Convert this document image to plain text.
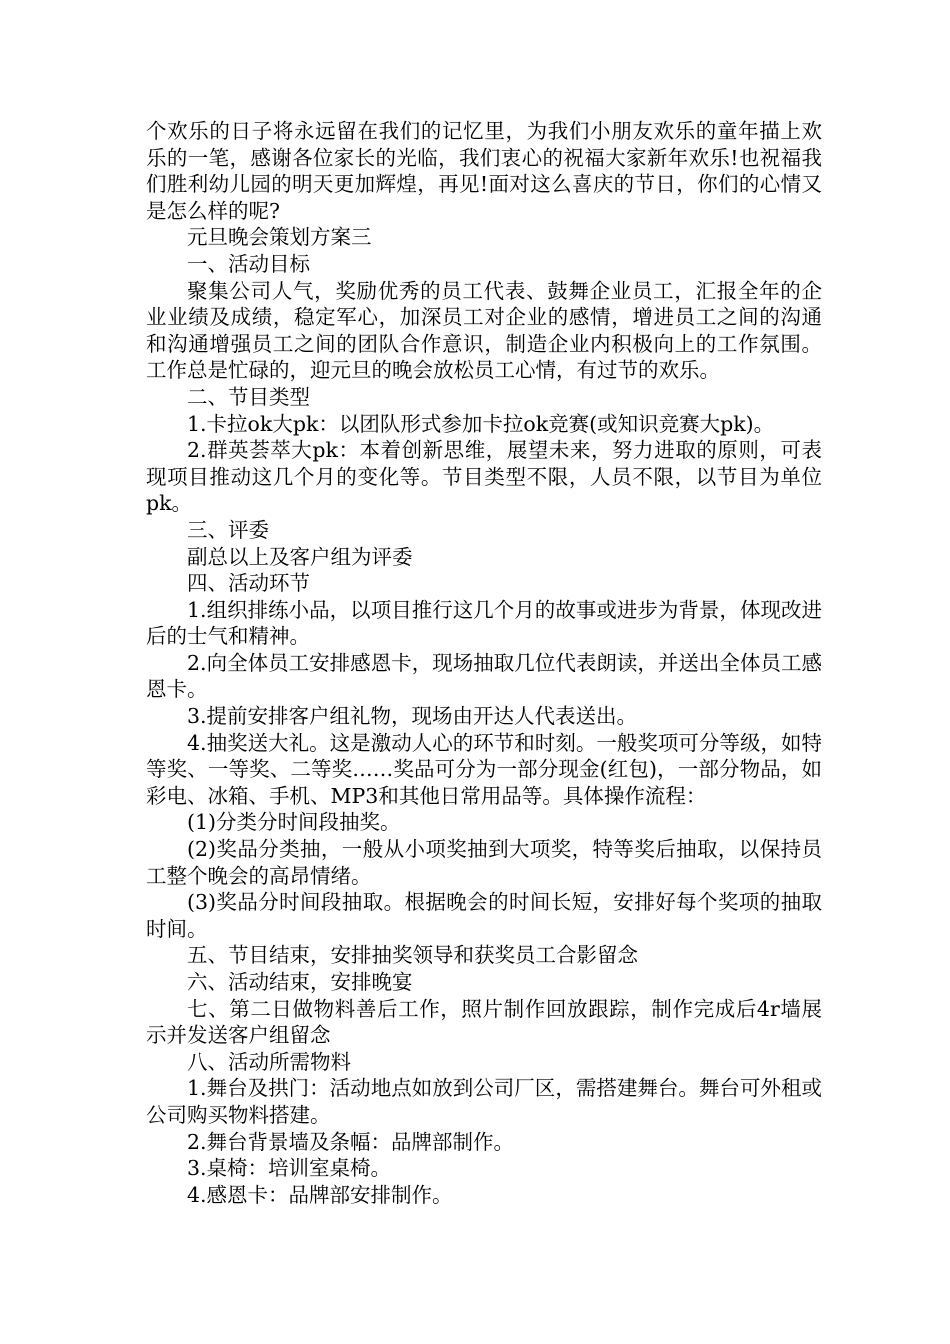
个欢乐的日子将永远留在我们的记忆里，为我们小朋友欢乐的童年描上欢乐的一笔，感谢各位家长的光临，我们衷心的祝福大家新年欢乐!也祝福我们胜利幼儿园的明天更加辉煌，再见!面对这么喜庆的节日，你们的心情又是怎么样的呢?

元旦晚会策划方案三

一、活动目标

聚集公司人气，奖励优秀的员工代表、鼓舞企业员工，汇报全年的企业业绩及成绩，稳定军心，加深员工对企业的感情，增进员工之间的沟通和沟通增强员工之间的团队合作意识，制造企业内积极向上的工作氛围。工作总是忙碌的，迎元旦的晚会放松员工心情，有过节的欢乐。

二、节目类型

1.卡拉ok大pk：以团队形式参加卡拉ok竞赛(或知识竞赛大pk)。

2.群英荟萃大pk：本着创新思维，展望未来，努力进取的原则，可表现项目推动这几个月的变化等。节目类型不限，人员不限，以节目为单位pk。

三、评委

副总以上及客户组为评委

四、活动环节

1.组织排练小品，以项目推行这几个月的故事或进步为背景，体现改进后的士气和精神。

2.向全体员工安排感恩卡，现场抽取几位代表朗读，并送出全体员工感恩卡。

3.提前安排客户组礼物，现场由开达人代表送出。

4.抽奖送大礼。这是激动人心的环节和时刻。一般奖项可分等级，如特等奖、一等奖、二等奖……奖品可分为一部分现金(红包)，一部分物品，如彩电、冰箱、手机、MP3和其他日常用品等。具体操作流程：

(1)分类分时间段抽奖。

(2)奖品分类抽，一般从小项奖抽到大项奖，特等奖后抽取，以保持员工整个晚会的高昂情绪。

(3)奖品分时间段抽取。根据晚会的时间长短，安排好每个奖项的抽取时间。

五、节目结束，安排抽奖领导和获奖员工合影留念

六、活动结束，安排晚宴

七、第二日做物料善后工作，照片制作回放跟踪，制作完成后4r墙展示并发送客户组留念

八、活动所需物料

1.舞台及拱门：活动地点如放到公司厂区，需搭建舞台。舞台可外租或公司购买物料搭建。

2.舞台背景墙及条幅：品牌部制作。

3.桌椅：培训室桌椅。

4.感恩卡：品牌部安排制作。
